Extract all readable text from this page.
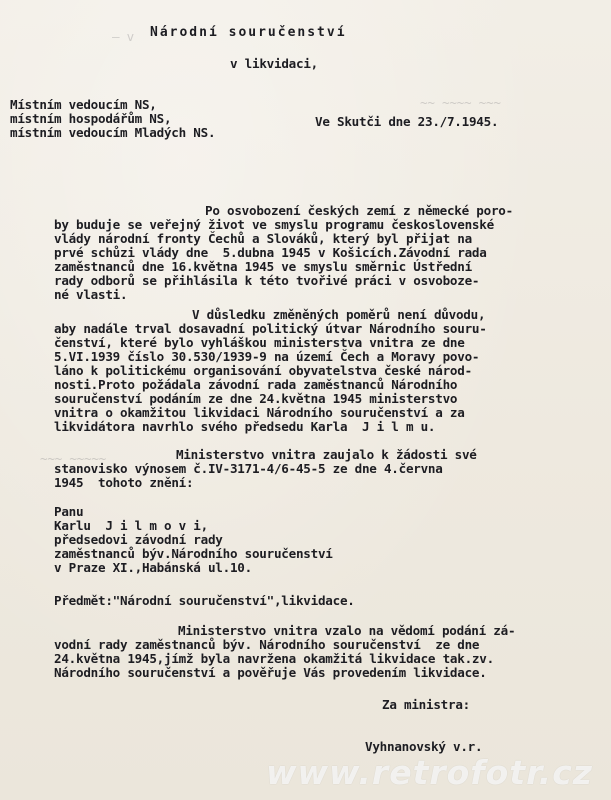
— v
~~ ~~~~ ~~~
~~~ ~~~~~
Národní souručenství
v likvidaci,
Místním vedoucím NS,
místním hospodářům NS,
místním vedoucím Mladých NS.
Ve Skutči dne 23./7.1945.
Po osvobození českých zemí z německé poro-
by buduje se veřejný život ve smyslu programu československé
vlády národní fronty Čechů a Slováků, který byl přijat na
prvé schůzi vlády dne  5.dubna 1945 v Košicích.Závodní rada
zaměstnanců dne 16.května 1945 ve smyslu směrnic Ústřední
rady odborů se přihlásila k této tvořivé práci v osvoboze-
né vlasti.
V důsledku změněných poměrů není důvodu,
aby nadále trval dosavadní politický útvar Národního souru-
čenství, které bylo vyhláškou ministerstva vnitra ze dne
5.VI.1939 číslo 30.530/1939-9 na území Čech a Moravy povo-
láno k politickému organisování obyvatelstva české národ-
nosti.Proto požádala závodní rada zaměstnanců Národního
souručenství podáním ze dne 24.května 1945 ministerstvo
vnitra o okamžitou likvidaci Národního souručenství a za
likvidátora navrhlo svého předsedu Karla  J i l m u.
Ministerstvo vnitra zaujalo k žádosti své
stanovisko výnosem č.IV-3171-4/6-45-5 ze dne 4.června
1945  tohoto znění:
Panu
Karlu  J i l m o v i,
předsedovi závodní rady
zaměstnanců býv.Národního souručenství
v Praze XI.,Habánská ul.10.
Předmět:"Národní souručenství",likvidace.
Ministerstvo vnitra vzalo na vědomí podání zá-
vodní rady zaměstnanců býv. Národního souručenství  ze dne
24.května 1945,jímž byla navržena okamžitá likvidace tak.zv.
Národního souručenství a pověřuje Vás provedením likvidace.
Za ministra:
Vyhnanovský v.r.
www.retrofotr.cz
